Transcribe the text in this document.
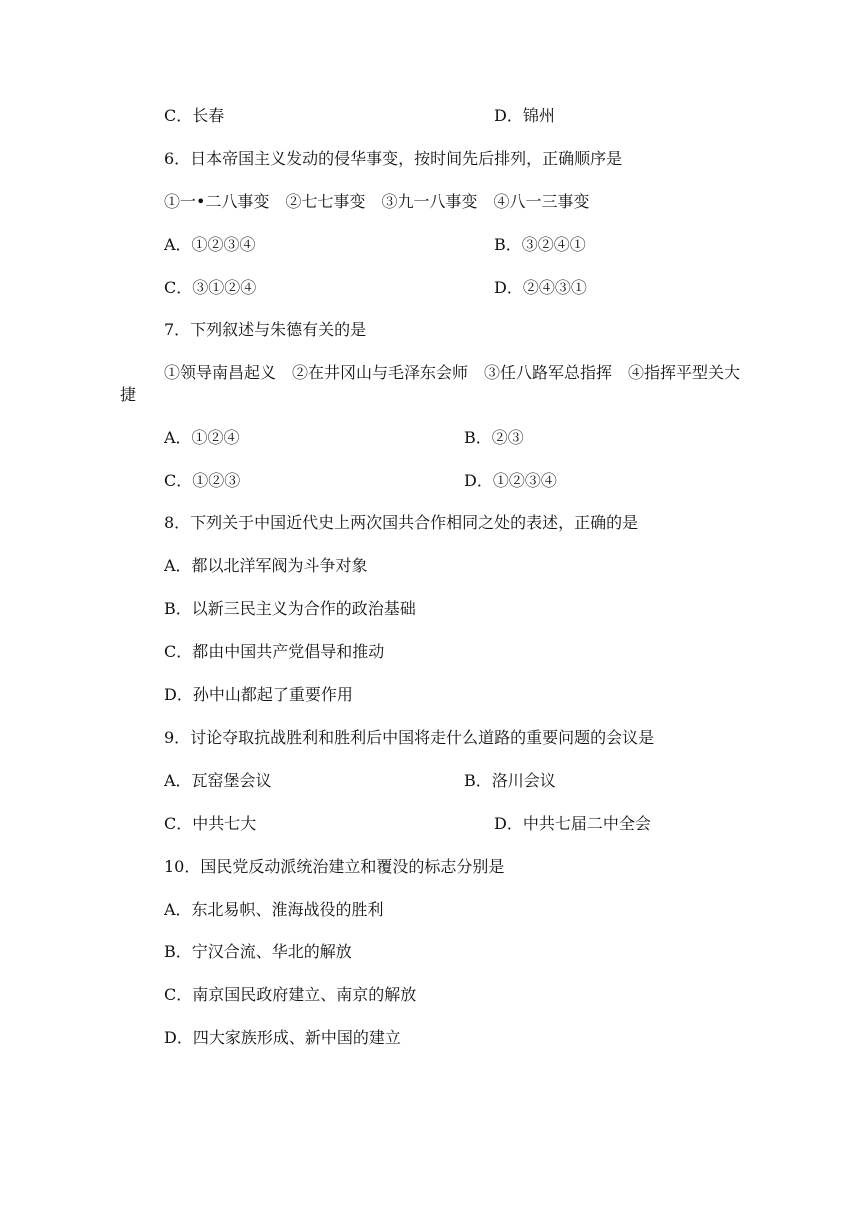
C．长春	D．锦州
6．日本帝国主义发动的侵华事变，按时间先后排列，正确顺序是
①一•二八事变　②七七事变　③九一八事变　④八一三事变
A．①②③④	B．③②④①
C．③①②④	D．②④③①
7．下列叙述与朱德有关的是
①领导南昌起义　②在井冈山与毛泽东会师　③任八路军总指挥　④指挥平型关大捷
A．①②④	B．②③
C．①②③	D．①②③④
8．下列关于中国近代史上两次国共合作相同之处的表述，正确的是
A．都以北洋军阀为斗争对象
B．以新三民主义为合作的政治基础
C．都由中国共产党倡导和推动
D．孙中山都起了重要作用
9．讨论夺取抗战胜利和胜利后中国将走什么道路的重要问题的会议是
A．瓦窑堡会议	B．洛川会议
C．中共七大	D．中共七届二中全会
10．国民党反动派统治建立和覆没的标志分别是
A．东北易帜、淮海战役的胜利
B．宁汉合流、华北的解放
C．南京国民政府建立、南京的解放
D．四大家族形成、新中国的建立
